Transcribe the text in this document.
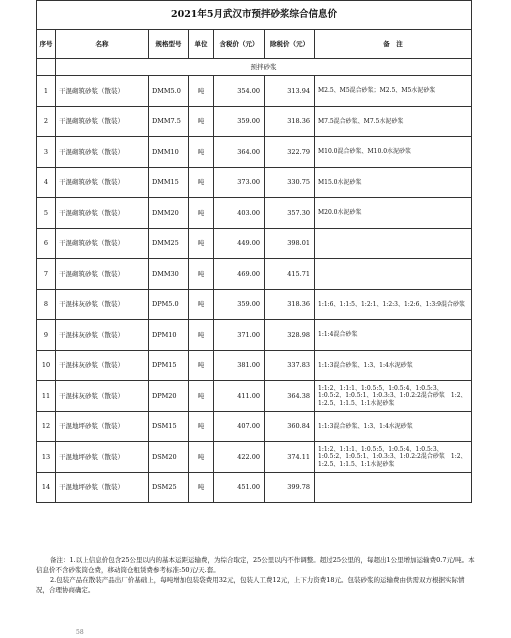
2021年5月武汉市预拌砂浆综合信息价						
序号	名称	规格型号	单位	含税价（元）	除税价（元）	备　注
	预拌砂浆					
1	干混砌筑砂浆（散装）	DMM5.0	吨	354.00	313.94	M2.5、M5混合砂浆；M2.5、M5水泥砂浆
2	干混砌筑砂浆（散装）	DMM7.5	吨	359.00	318.36	M7.5混合砂浆、M7.5水泥砂浆
3	干混砌筑砂浆（散装）	DMM10	吨	364.00	322.79	M10.0混合砂浆、M10.0水泥砂浆
4	干混砌筑砂浆（散装）	DMM15	吨	373.00	330.75	M15.0水泥砂浆
5	干混砌筑砂浆（散装）	DMM20	吨	403.00	357.30	M20.0水泥砂浆
6	干混砌筑砂浆（散装）	DMM25	吨	449.00	398.01	
7	干混砌筑砂浆（散装）	DMM30	吨	469.00	415.71	
8	干混抹灰砂浆（散装）	DPM5.0	吨	359.00	318.36	1:1:6、1:1:5、1:2:1、1:2:3、1:2:6、1:3:9混合砂浆
9	干混抹灰砂浆（散装）	DPM10	吨	371.00	328.98	1:1:4混合砂浆
10	干混抹灰砂浆（散装）	DPM15	吨	381.00	337.83	1:1:3混合砂浆、1:3、1:4水泥砂浆
11	干混抹灰砂浆（散装）	DPM20	吨	411.00	364.38	1:1:2、1:1:1、1:0.5:5、1:0.5:4、1:0.5:3、1:0.5:2、1:0.5:1、1:0.3:3、1:0.2:2混合砂浆　1:2、1:2.5、1:1.5、1:1水泥砂浆
12	干混地坪砂浆（散装）	DSM15	吨	407.00	360.84	1:1:3混合砂浆、1:3、1:4水泥砂浆
13	干混地坪砂浆（散装）	DSM20	吨	422.00	374.11	1:1:2、1:1:1、1:0.5:5、1:0.5:4、1:0.5:3、1:0.5:2、1:0.5:1、1:0.3:3、1:0.2:2混合砂浆　1:2、1:2.5、1:1.5、1:1水泥砂浆
14	干混地坪砂浆（散装）	DSM25	吨	451.00	399.78	

备注：1.以上信息价包含25公里以内的基本运距运输费，为综合取定，25公里以内不作调整。超过25公里的，每超出1公里增加运输费0.7元/吨。本信息价不含砂浆筒仓费，移动筒仓租赁费参考标准:50元/天.套。

2.包装产品在散装产品出厂价基础上，每吨增加包装袋费用32元，包装人工费12元，上下力资费18元。包装砂浆的运输费由供需双方根据实际情况，合理协商确定。

58
